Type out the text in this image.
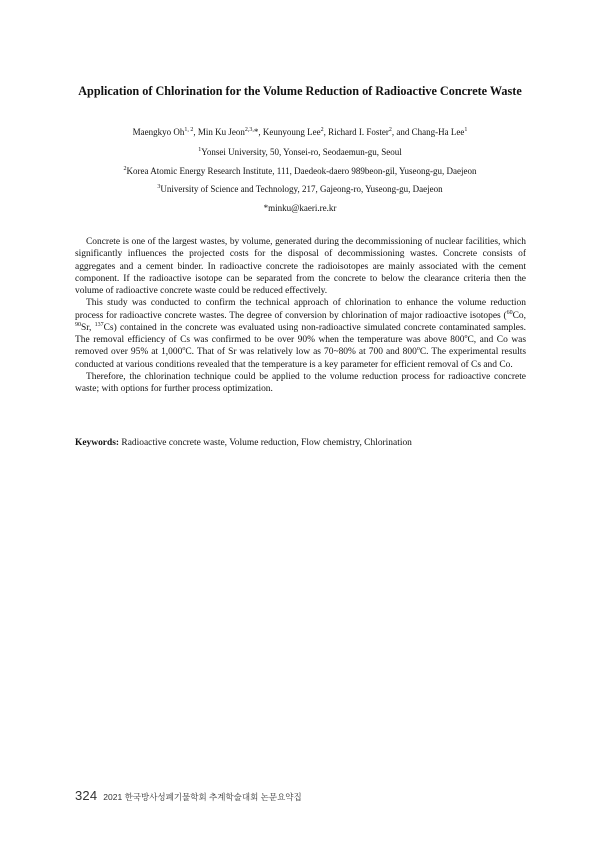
Application of Chlorination for the Volume Reduction of Radioactive Concrete Waste
Maengkyo Oh$^{1, 2}$, Min Ku Jeon$^{2,3,}$*, Keunyoung Lee$^2$, Richard I. Foster$^2$, and Chang-Ha Lee$^1$
$^1$Yonsei University, 50, Yonsei-ro, Seodaemun-gu, Seoul
$^2$Korea Atomic Energy Research Institute, 111, Daedeok-daero 989beon-gil, Yuseong-gu, Daejeon
$^3$University of Science and Technology, 217, Gajeong-ro, Yuseong-gu, Daejeon
*minku@kaeri.re.kr

Concrete is one of the largest wastes, by volume, generated during the decommissioning of nuclear facilities, which significantly influences the projected costs for the disposal of decommissioning wastes. Concrete consists of aggregates and a cement binder. In radioactive concrete the radioisotopes are mainly associated with the cement component. If the radioactive isotope can be separated from the concrete to below the clearance criteria then the volume of radioactive concrete waste could be reduced effectively.

This study was conducted to confirm the technical approach of chlorination to enhance the volume reduction process for radioactive concrete wastes. The degree of conversion by chlorination of major radioactive isotopes ($^{60}$Co, $^{90}$Sr, $^{137}$Cs) contained in the concrete was evaluated using non-radioactive simulated concrete contaminated samples. The removal efficiency of Cs was confirmed to be over 90% when the temperature was above 800$^o$C, and Co was removed over 95% at 1,000$^o$C. That of Sr was relatively low as 70~80% at 700 and 800$^o$C. The experimental results conducted at various conditions revealed that the temperature is a key parameter for efficient removal of Cs and Co.

Therefore, the chlorination technique could be applied to the volume reduction process for radioactive concrete waste; with options for further process optimization.

Keywords: Radioactive concrete waste, Volume reduction, Flow chemistry, Chlorination
324 2021 한국방사성폐기물학회 추계학술대회 논문요약집
